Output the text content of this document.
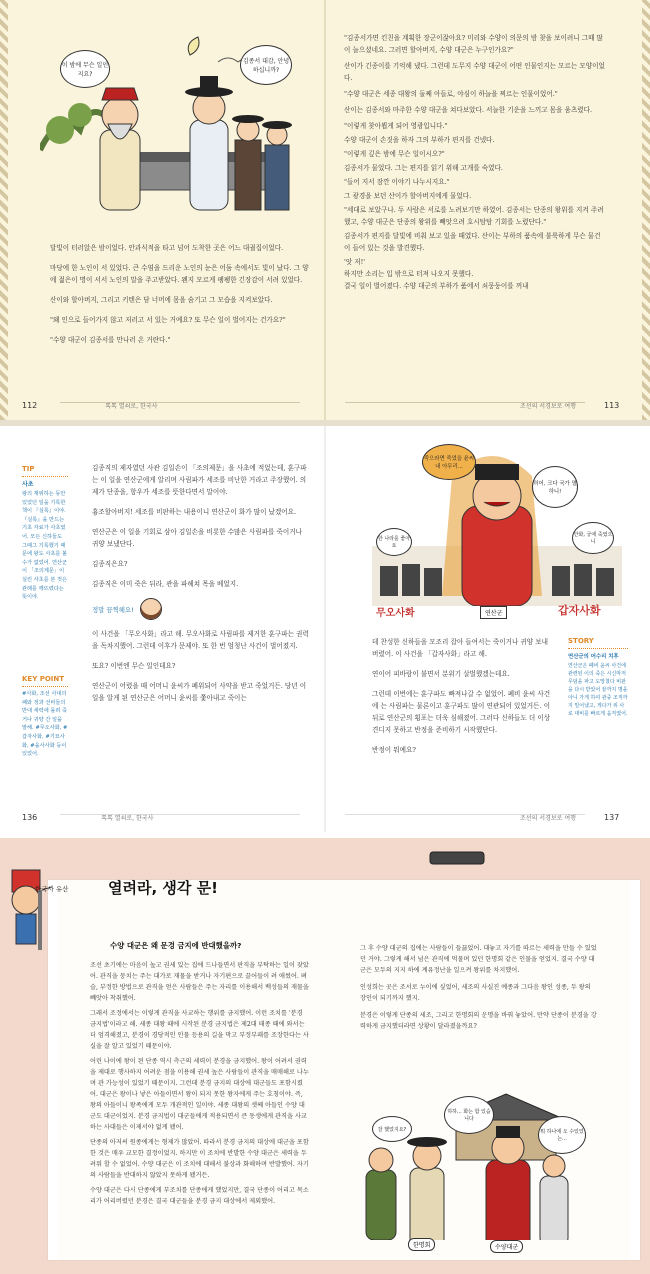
이 밤에 무슨 일인지요?
김종서 대감, 안녕하십니까?

달빛이 터러앉은 밤이었다. 안과식적을 타고 넘어 도착한 곳은 어느 대궐집이었다.

마당에 한 노인이 서 있었다. 큰 수염을 드리운 노인의 눈은 어둠 속에서도 빛이 났다. 그 양에 젊은이 명이 서서 노인의 말을 주고받았다. 왠지 모르게 팽팽한 긴장감이 서려 있었다.

산이와 할아버지, 그리고 키텐은 담 너머에 몸을 숨기고 그 모습을 지켜보았다.

"왜 인으로 들어가지 않고 저러고 서 있는 거예요? 또 무슨 일이 벌어지는 건가요?"

"수양 대군이 김종서를 만나러 온 거란다."

"김종서가면 킨친을 계획한 장군이잖아요? 미리와 수양이 의문의 밤 찾을 보이려니 그때 많이 늘으셨네요. 그러면 할아버지, 수양 대군은 누구인가요?"

산이가 긴종이를 기억해 냈다. 그런데 도무지 수양 대군이 어떤 인물인지는 모르는 모양이었다.

"수양 대군은 세종 대왕의 둘째 아들로, 야심이 하늘을 찌르는 인물이었어."

산이는 김종서와 마주한 수양 대군을 쳐다보았다. 서늘한 기운을 느끼고 몸을 움츠렸다.

"이렇게 찾아뵙게 되어 영광입니다."

수양 대군이 손짓을 하자 그의 부하가 편지를 건넸다.

"이렇게 깊은 밤에 무슨 일이시오?"

김종서가 물었다. 그는 편지를 읽기 위해 고개를 숙였다.

"들어 지서 잠깐 이야기 나누시지요."

그 광경을 보던 산이가 할아버지에게 물었다.

"세대로 보았구나. 두 사람은 서로를 노려보기만 하였어. 김종서는 단종의 왕위를 지켜 주려 했고, 수양 대군은 단종의 왕위를 빼앗으려 호시탐탐 기회를 노렸단다."

김종서가 편지를 달빛에 비춰 보고 있을 때였다. 산이는 부하의 품속에 불룩하게 무슨 물건이 들어 있는 것을 발견했다.

'앗 저!'

하지만 소리는 입 밖으로 터져 나오지 못했다.

결국 일이 벌어졌다. 수양 대군의 부하가 품에서 쇠뭉둥이를 꺼내

112	톡톡 열쇠로, 한국사	조선의 서경보로 여행	113
TIP
사초
왕의 재위하는 동안 있었던 일을 기록한 책이 『실록』이야. 『실록』을 만드는 기초 자료가 사초였어. 모든 신하들도 그때그 기록했기 때문에 왕도 사초를 볼 수가 없었어. 연산군이 「조의제문」이 실린 사초를 본 것은 관례를 깨뜨렸다는 뜻이야.
KEY POINT
#사화, 조선 사대의 폐와 정과 선비들의 반대 세력에 몰려 죽거나 귀양 간 일을 말해. #무오사화, #갑자사화, #기묘사화, #을사사화 등이 있었어.

김종직의 제자였던 사관 김일손이 「조의제문」을 사초에 적었는데, 훈구파는 이 일을 연산군에게 알리며 사림파가 세조를 비난한 거라고 주장했어. 의제가 단종을, 항우가 세조를 뜻한다면서 말이야.

흉조할아버지! 세조를 비판하는 내용이니 연산군이 화가 많이 났겠어요.

연산군은 이 일을 기회로 삼아 김일손을 비롯한 수많은 사림파를 죽이거나 귀양 보냈단다.

김종직은요?

김종직은 이미 죽은 뒤라, 관을 파헤쳐 목을 베었지.

정말 끔찍해요!

이 사건을 「무오사화」라고 해. 무오사화로 사림파를 제거한 훈구파는 권력을 독차지했어. 그런데 이후가 문제야. 또 한 번 엄청난 사건이 벌어졌지.

또요? 이번엔 무슨 일인데요?

연산군이 어렸을 때 어머니 윤씨가 폐위되어 사약을 받고 죽었거든. 당년 이 일을 알게 된 연산군은 어머니 윤씨를 쫓아내고 죽이는

죽으라면 죽었을 윤씨 내 아무리...
허어, 크다 국가 멸하니!
한 나라를 좋아요
안화, 궁에 죽였으니
무오사화	연산군	갑자사화

데 찬성한 신하들을 모조리 잡아 들여서는 죽이거나 귀양 보내 버렸어. 이 사건을 「갑자사화」라고 해.

연이어 피바람이 불면서 분위기 살벌했겠는데요.

그런데 이번에는 훈구파도 빠져나갈 수 없었어. 폐비 윤씨 사건에 는 사림파는 물론이고 훈구파도 많이 연관되어 있었거든. 이 뒤로 연산군의 횡포는 더욱 심해졌어. 그러다 신하들도 더 이상 견디지 못하고 반정을 준비하기 시작했단다.

반정이 뭐예요?

STORY
연산군의 어수리 치후
연산군은 폐비 윤씨 사건에 관련된 이의 죽은 시신마저 무덤을 파고 도망쳤다 비판을 다시 받았어 끝까지 명을 아니 가게 하여 관중 조직까지 밀어냈고, 게다가 위 사로 대비를 빠르게 움직였어.
136	톡톡 열쇠로, 한국사	조선의 서경보로 여행	137
한국사 유산	열려라, 생각 문!
수양 대군은 왜 문경 금지에 반대했을까?

조선 초기에는 마음이 높고 권세 있는 집에 드나들면서 판직을 부탁하는 일이 잦았어. 관직을 뭉치는 주는 대가로 재물을 받거나 자기편으로 끌어들이 려 애썼어. 벼슬, 부정한 방법으로 관직을 얻은 사람들은 주는 자리를 이용해서 백성들의 재물을 빼앗아 착취했어.

그래서 조정에서는 이렇게 관직을 사교하는 행위를 금지했어. 이런 조치를 '분경 금지법'이라고 해. 세종 대왕 때에 시작된 분경 금지법은 제2대 태종 때에 와서는 더 엄격해졌고, 분경이 경당적인 인물 등용의 길을 막고 부정부패를 조장한다는 사실을 잘 알고 있었기 때문이야.

어린 나이에 왕이 된 단종 역시 측근의 세력이 분경을 금지했어. 왕이 어려서 권력을 제대로 행사하지 어려운 점을 이용해 권세 높은 사람들이 관직을 매매해로 나누며 관 가능성이 있었기 때문이지. 그런데 분경 금지의 대상에 대군들도 포함시켰어. 대군은 왕이나 낳은 아들이면서 왕이 되지 못한 왕자에게 주는 호칭이야. 즉, 왕의 아들이니 왕족에게 모두 개관적인 일이야. 세종 대왕의 셋째 아들인 수양 대군도 대군이었지. 분경 금지법이 대군들에게 적용되면서 큰 동생에게 관직을 사교하는 사대들은 이제서야 없게 됐어.

단종의 아저씨 원종에게는 형제가 많았어. 따라서 분경 금지의 대상에 대군을 포함한 것은 매우 교모한 결정이었지. 하지만 이 조치에 반발한 수양 대군은 세력을 두려워 할 수 없었어. 수양 대군은 이 조치에 대해서 불상과 화해하며 반발했어. 자기의 사람들을 반대하지 않았지 못하게 됐거든.

수양 대군은 다시 단종에게 부조치를 단종에게 했었지만, 결국 단종이 어리고 목소리가 어리버렸던 분경은 결국 대군들을 분경 금지 대상에서 제외했어.

그 후 수양 대군의 집에는 사람들이 들끓었어. 대놓고 자기를 따르는 세력을 만들 수 있었던 거야. 그렇게 해서 넘은 관직에 먹물며 있던 한명회 같은 인물을 얻었지. 결국 수양 대군은 모두의 지지 하에 계유정난을 일으켜 왕위를 차지했어.

인성희는 곳은 조서로 누이에 싶었어, 세조의 사실진 예종과 그다음 왕인 성종, 두 왕의 장인이 되기까지 했지.

분경은 이렇게 단종의 세조, 그리고 한명회의 운명을 바꿔 놓았어. 만약 단종이 분경을 강력하게 금지했더라면 상황이 달라졌을까요?

하하... 화는 함 있습니다
뭐 하나에 오 수있었는...
잘 했었지요?
한명회	수양대군
